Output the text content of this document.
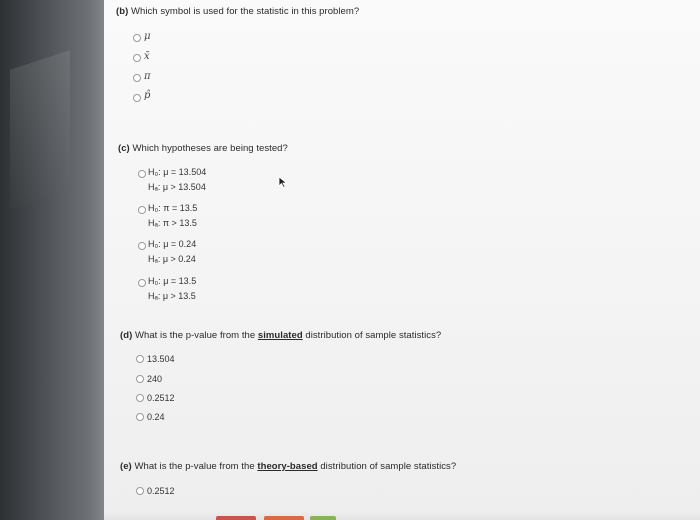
(b) Which symbol is used for the statistic in this problem?
μ
x̄
π
p̂
(c) Which hypotheses are being tested?
H₀: μ = 13.504
Hₐ: μ > 13.504
H₀: π = 13.5
Hₐ: π > 13.5
H₀: μ = 0.24
Hₐ: μ > 0.24
H₀: μ = 13.5
Hₐ: μ > 13.5
(d) What is the p-value from the simulated distribution of sample statistics?
13.504
240
0.2512
0.24
(e) What is the p-value from the theory-based distribution of sample statistics?
0.2512
